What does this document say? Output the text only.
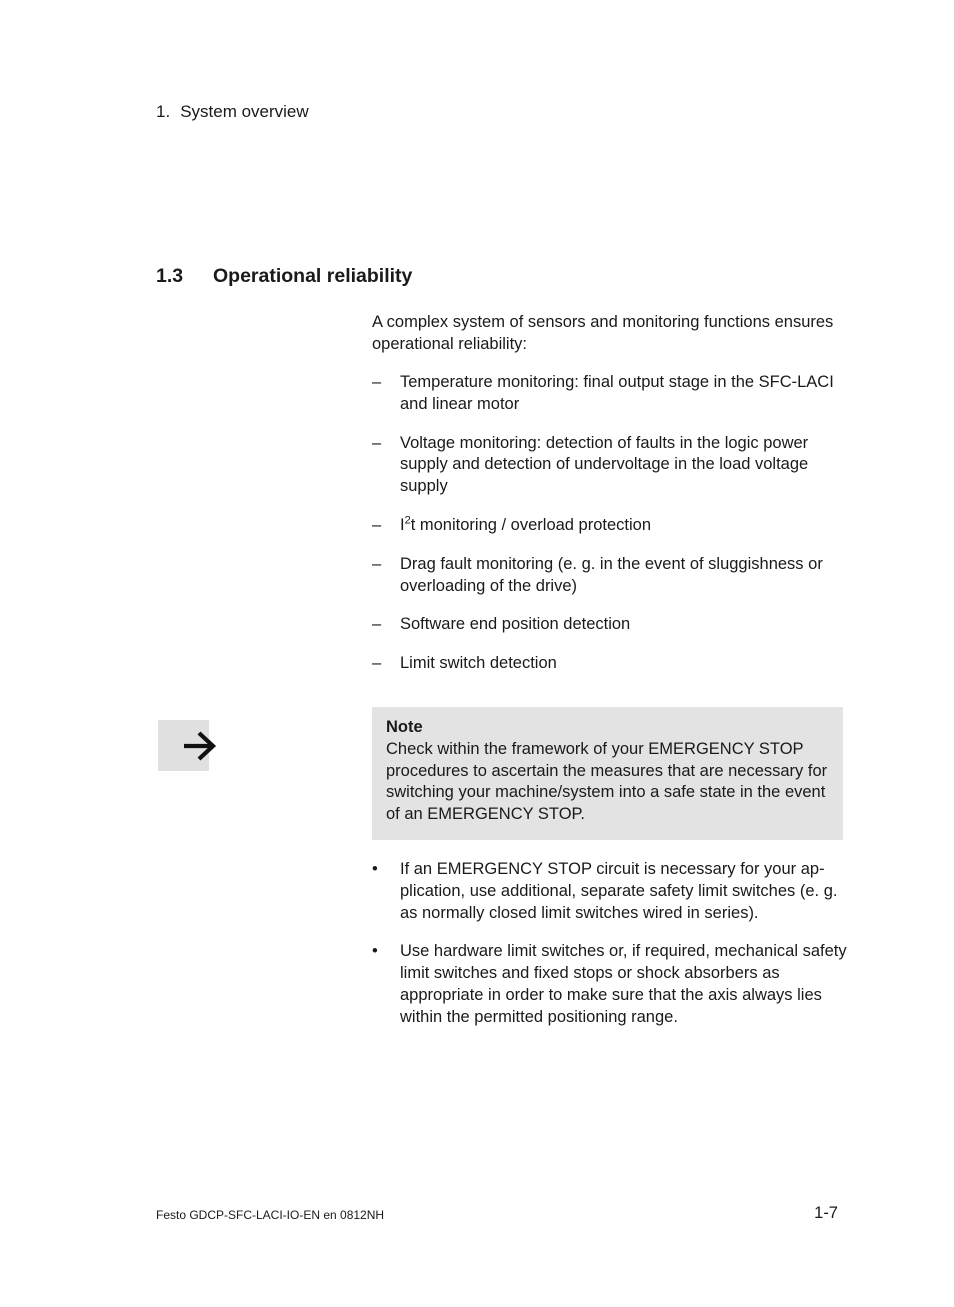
1. System overview
1.3 Operational reliability
A complex system of sensors and monitoring functions ensures operational reliability:
– Temperature monitoring: final output stage in the SFC-LACI and linear motor
– Voltage monitoring: detection of faults in the logic power supply and detection of undervoltage in the load voltage supply
– $I^2t$ monitoring / overload protection
– Drag fault monitoring (e. g. in the event of sluggishness or overloading of the drive)
– Software end position detection
– Limit switch detection
Note
Check within the framework of your EMERGENCY STOP procedures to ascertain the measures that are necessary for switching your machine/system into a safe state in the event of an EMERGENCY STOP.
• If an EMERGENCY STOP circuit is necessary for your ap-plication, use additional, separate safety limit switches (e. g. as normally closed limit switches wired in series).
• Use hardware limit switches or, if required, mechanical safety limit switches and fixed stops or shock absorbers as appropriate in order to make sure that the axis always lies within the permitted positioning range.
Festo GDCP-SFC-LACI-IO-EN en 0812NH	1-7
